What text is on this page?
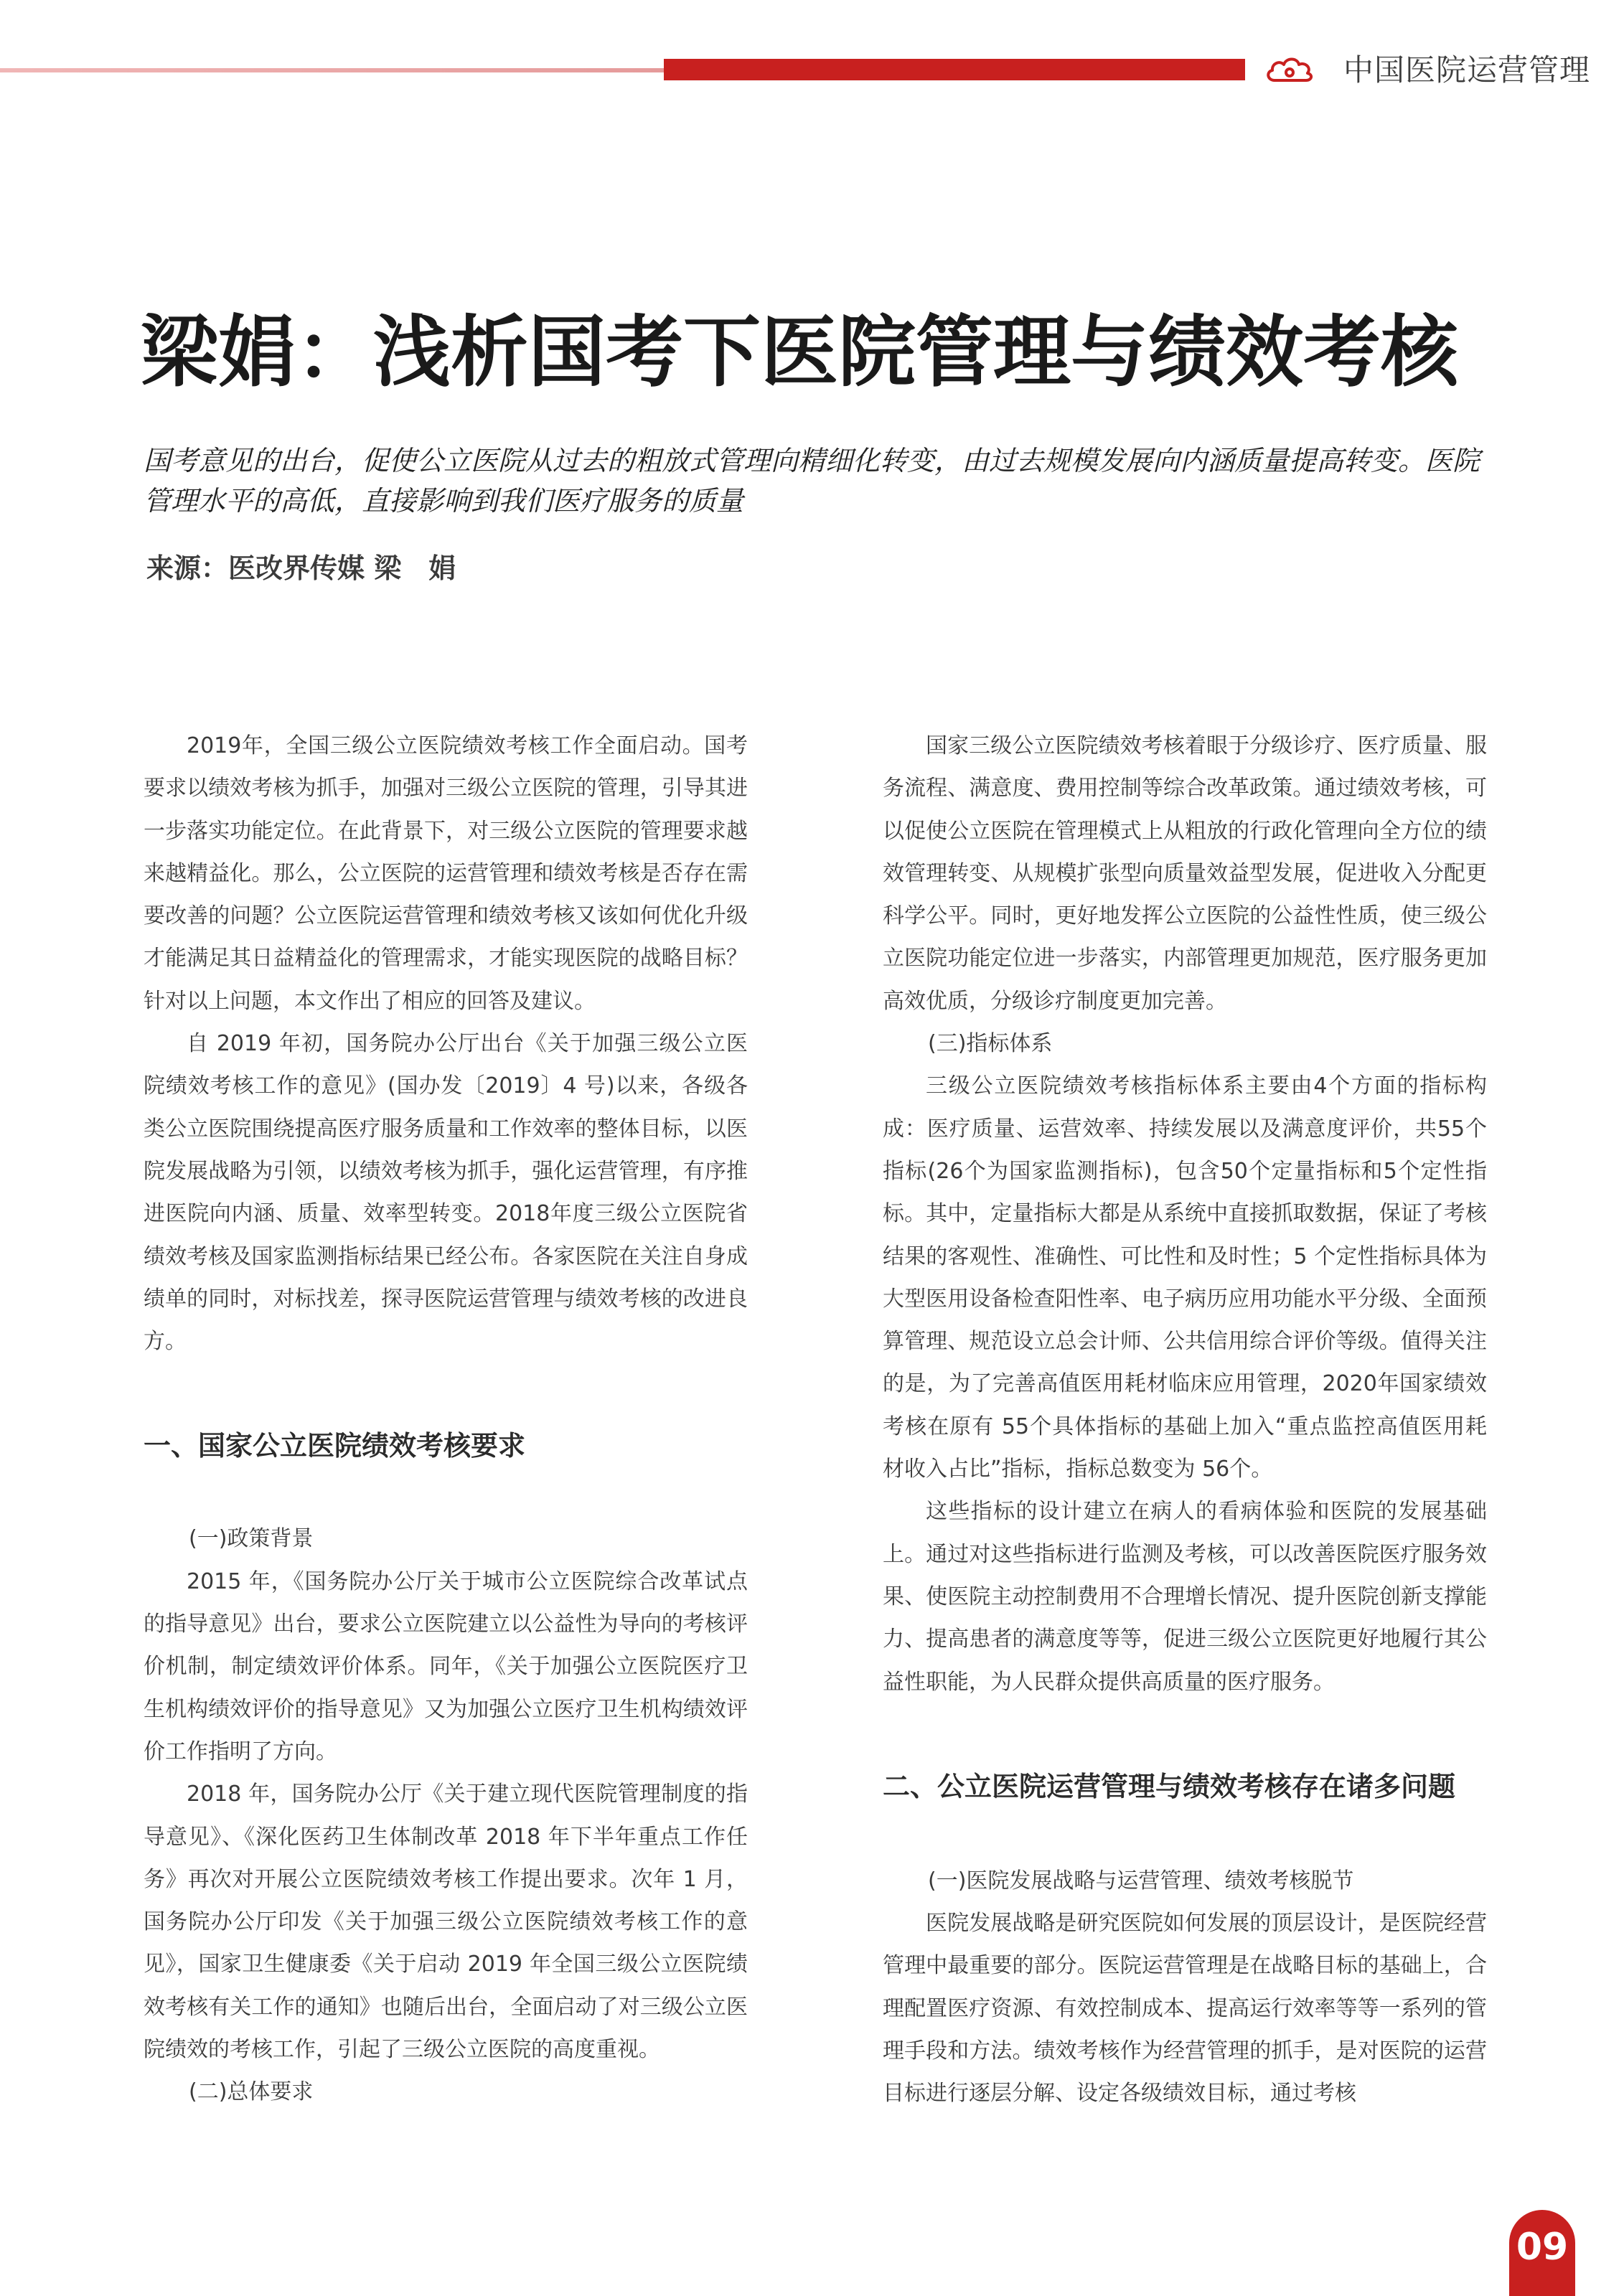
中国医院运营管理
梁娟：浅析国考下医院管理与绩效考核

国考意见的出台，促使公立医院从过去的粗放式管理向精细化转变，由过去规模发展向内涵质量提高转变。医院管理水平的高低，直接影响到我们医疗服务的质量

来源：医改界传媒 梁　娟

2019年，全国三级公立医院绩效考核工作全面启动。国考要求以绩效考核为抓手，加强对三级公立医院的管理，引导其进一步落实功能定位。在此背景下，对三级公立医院的管理要求越来越精益化。那么，公立医院的运营管理和绩效考核是否存在需要改善的问题？公立医院运营管理和绩效考核又该如何优化升级才能满足其日益精益化的管理需求，才能实现医院的战略目标？针对以上问题，本文作出了相应的回答及建议。

自 2019 年初，国务院办公厅出台《关于加强三级公立医院绩效考核工作的意见》(国办发〔2019〕4 号)以来，各级各类公立医院围绕提高医疗服务质量和工作效率的整体目标，以医院发展战略为引领，以绩效考核为抓手，强化运营管理，有序推进医院向内涵、质量、效率型转变。2018年度三级公立医院省绩效考核及国家监测指标结果已经公布。各家医院在关注自身成绩单的同时，对标找差，探寻医院运营管理与绩效考核的改进良方。

一、国家公立医院绩效考核要求

(一)政策背景

2015 年，《国务院办公厅关于城市公立医院综合改革试点的指导意见》出台，要求公立医院建立以公益性为导向的考核评价机制，制定绩效评价体系。同年，《关于加强公立医院医疗卫生机构绩效评价的指导意见》又为加强公立医疗卫生机构绩效评价工作指明了方向。

2018 年，国务院办公厅《关于建立现代医院管理制度的指导意见》、《深化医药卫生体制改革 2018 年下半年重点工作任务》再次对开展公立医院绩效考核工作提出要求。次年 1 月，国务院办公厅印发《关于加强三级公立医院绩效考核工作的意见》，国家卫生健康委《关于启动 2019 年全国三级公立医院绩效考核有关工作的通知》也随后出台，全面启动了对三级公立医院绩效的考核工作，引起了三级公立医院的高度重视。

(二)总体要求

国家三级公立医院绩效考核着眼于分级诊疗、医疗质量、服务流程、满意度、费用控制等综合改革政策。通过绩效考核，可以促使公立医院在管理模式上从粗放的行政化管理向全方位的绩效管理转变、从规模扩张型向质量效益型发展，促进收入分配更科学公平。同时，更好地发挥公立医院的公益性性质，使三级公立医院功能定位进一步落实，内部管理更加规范，医疗服务更加高效优质，分级诊疗制度更加完善。

(三)指标体系

三级公立医院绩效考核指标体系主要由4个方面的指标构成：医疗质量、运营效率、持续发展以及满意度评价，共55个指标(26个为国家监测指标)，包含50个定量指标和5个定性指标。其中，定量指标大都是从系统中直接抓取数据，保证了考核结果的客观性、准确性、可比性和及时性；5 个定性指标具体为大型医用设备检查阳性率、电子病历应用功能水平分级、全面预算管理、规范设立总会计师、公共信用综合评价等级。值得关注的是，为了完善高值医用耗材临床应用管理，2020年国家绩效考核在原有 55个具体指标的基础上加入“重点监控高值医用耗材收入占比”指标，指标总数变为 56个。

这些指标的设计建立在病人的看病体验和医院的发展基础上。通过对这些指标进行监测及考核，可以改善医院医疗服务效果、使医院主动控制费用不合理增长情况、提升医院创新支撑能力、提高患者的满意度等等，促进三级公立医院更好地履行其公益性职能，为人民群众提供高质量的医疗服务。

二、公立医院运营管理与绩效考核存在诸多问题

(一)医院发展战略与运营管理、绩效考核脱节

医院发展战略是研究医院如何发展的顶层设计，是医院经营管理中最重要的部分。医院运营管理是在战略目标的基础上，合理配置医疗资源、有效控制成本、提高运行效率等等一系列的管理手段和方法。绩效考核作为经营管理的抓手，是对医院的运营目标进行逐层分解、设定各级绩效目标，通过考核

09
